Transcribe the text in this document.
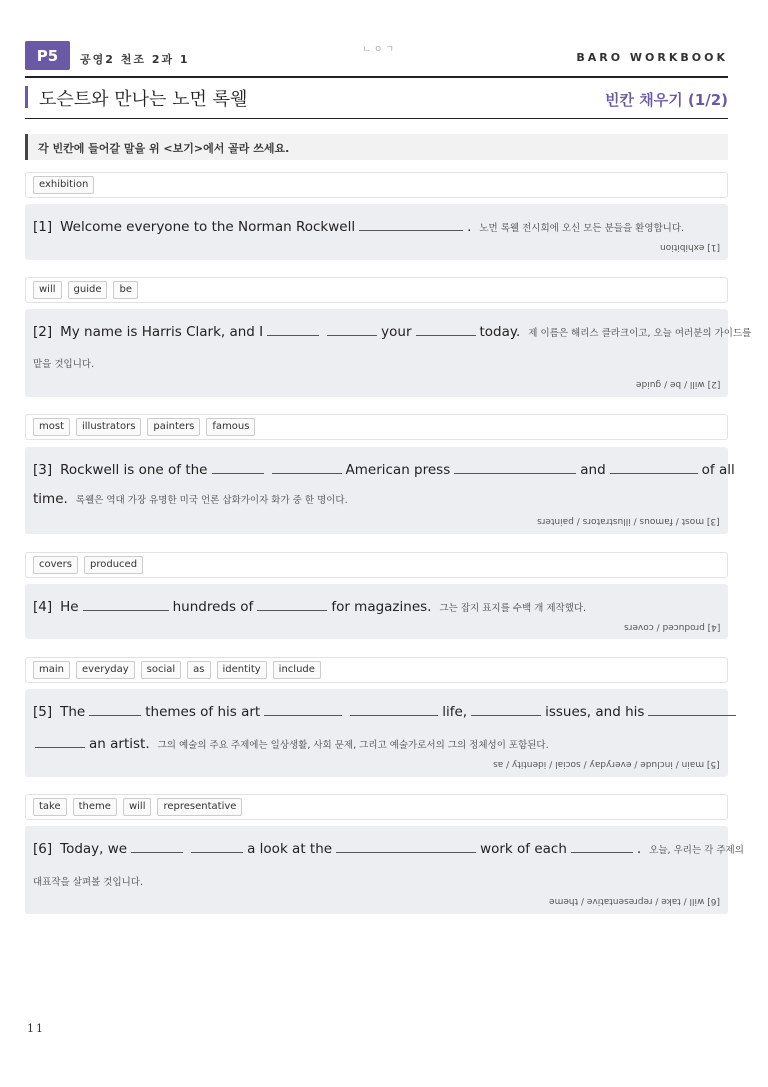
P5	공영2 천조 2과 1
ㄴㅇㄱ
BARO WORKBOOK
도슨트와 만나는 노먼 록웰	빈칸 채우기 (1/2)
각 빈칸에 들어갈 말을 위 <보기>에서 골라 쓰세요.
exhibition
[1] Welcome everyone to the Norman Rockwell	. 노먼 록웰 전시회에 오신 모든 분들을 환영합니다.
[1] exhibition
will	guide	be
[2] My name is Harris Clark, and I	your	today. 제 이름은 해리스 클라크이고, 오늘 여러분의 가이드를
맡을 것입니다.
[2] will / be / guide
most	illustrators	painters	famous
[3] Rockwell is one of the	American press	and	of all
time. 록웰은 역대 가장 유명한 미국 언론 삽화가이자 화가 중 한 명이다.
[3] most / famous / illustrators / painters
covers	produced
[4] He	hundreds of	for magazines. 그는 잡지 표지를 수백 개 제작했다.
[4] produced / covers
main	everyday	social	as	identity	include
[5] The	themes of his art	life,	issues, and his
an artist. 그의 예술의 주요 주제에는 일상생활, 사회 문제, 그리고 예술가로서의 그의 정체성이 포함된다.
[5] main / include / everyday / social / identity / as
take	theme	will	representative
[6] Today, we	a look at the	work of each	. 오늘, 우리는 각 주제의
대표작을 살펴볼 것입니다.
[6] will / take / representative / theme
11
